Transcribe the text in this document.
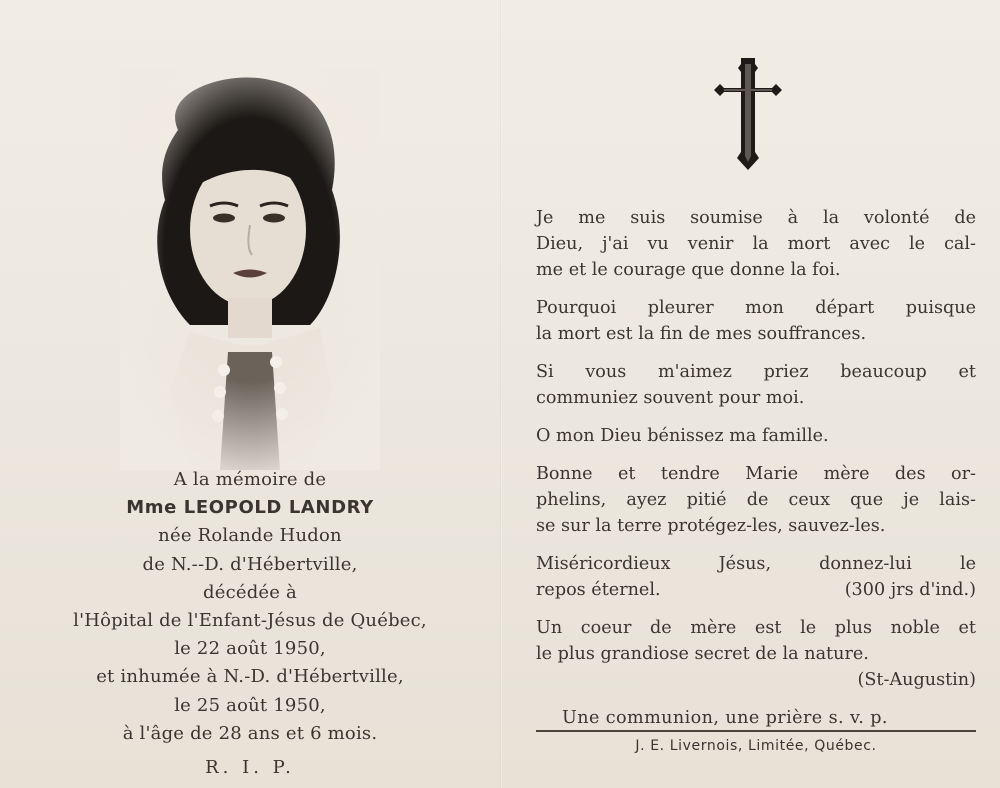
A la mémoire de
Mme LEOPOLD LANDRY
née Rolande Hudon
de N.--D. d'Hébertville,
décédée à
l'Hôpital de l'Enfant-Jésus de Québec,
le 22 août 1950,
et inhumée à N.-D. d'Hébertville,
le 25 août 1950,
à l'âge de 28 ans et 6 mois.
R. I. P.

Je me suis soumise à la volonté de
Dieu, j'ai vu venir la mort avec le cal-
me et le courage que donne la foi.

Pourquoi pleurer mon départ puisque
la mort est la fin de mes souffrances.

Si vous m'aimez priez beaucoup et
communiez souvent pour moi.

O mon Dieu bénissez ma famille.

Bonne et tendre Marie mère des or-
phelins, ayez pitié de ceux que je lais-
se sur la terre protégez-les, sauvez-les.

Miséricordieux Jésus, donnez-lui le
repos éternel.	(300 jrs d'ind.)

Un coeur de mère est le plus noble et
le plus grandiose secret de la nature.
(St-Augustin)

Une communion, une prière s. v. p.
J. E. Livernois, Limitée, Québec.
